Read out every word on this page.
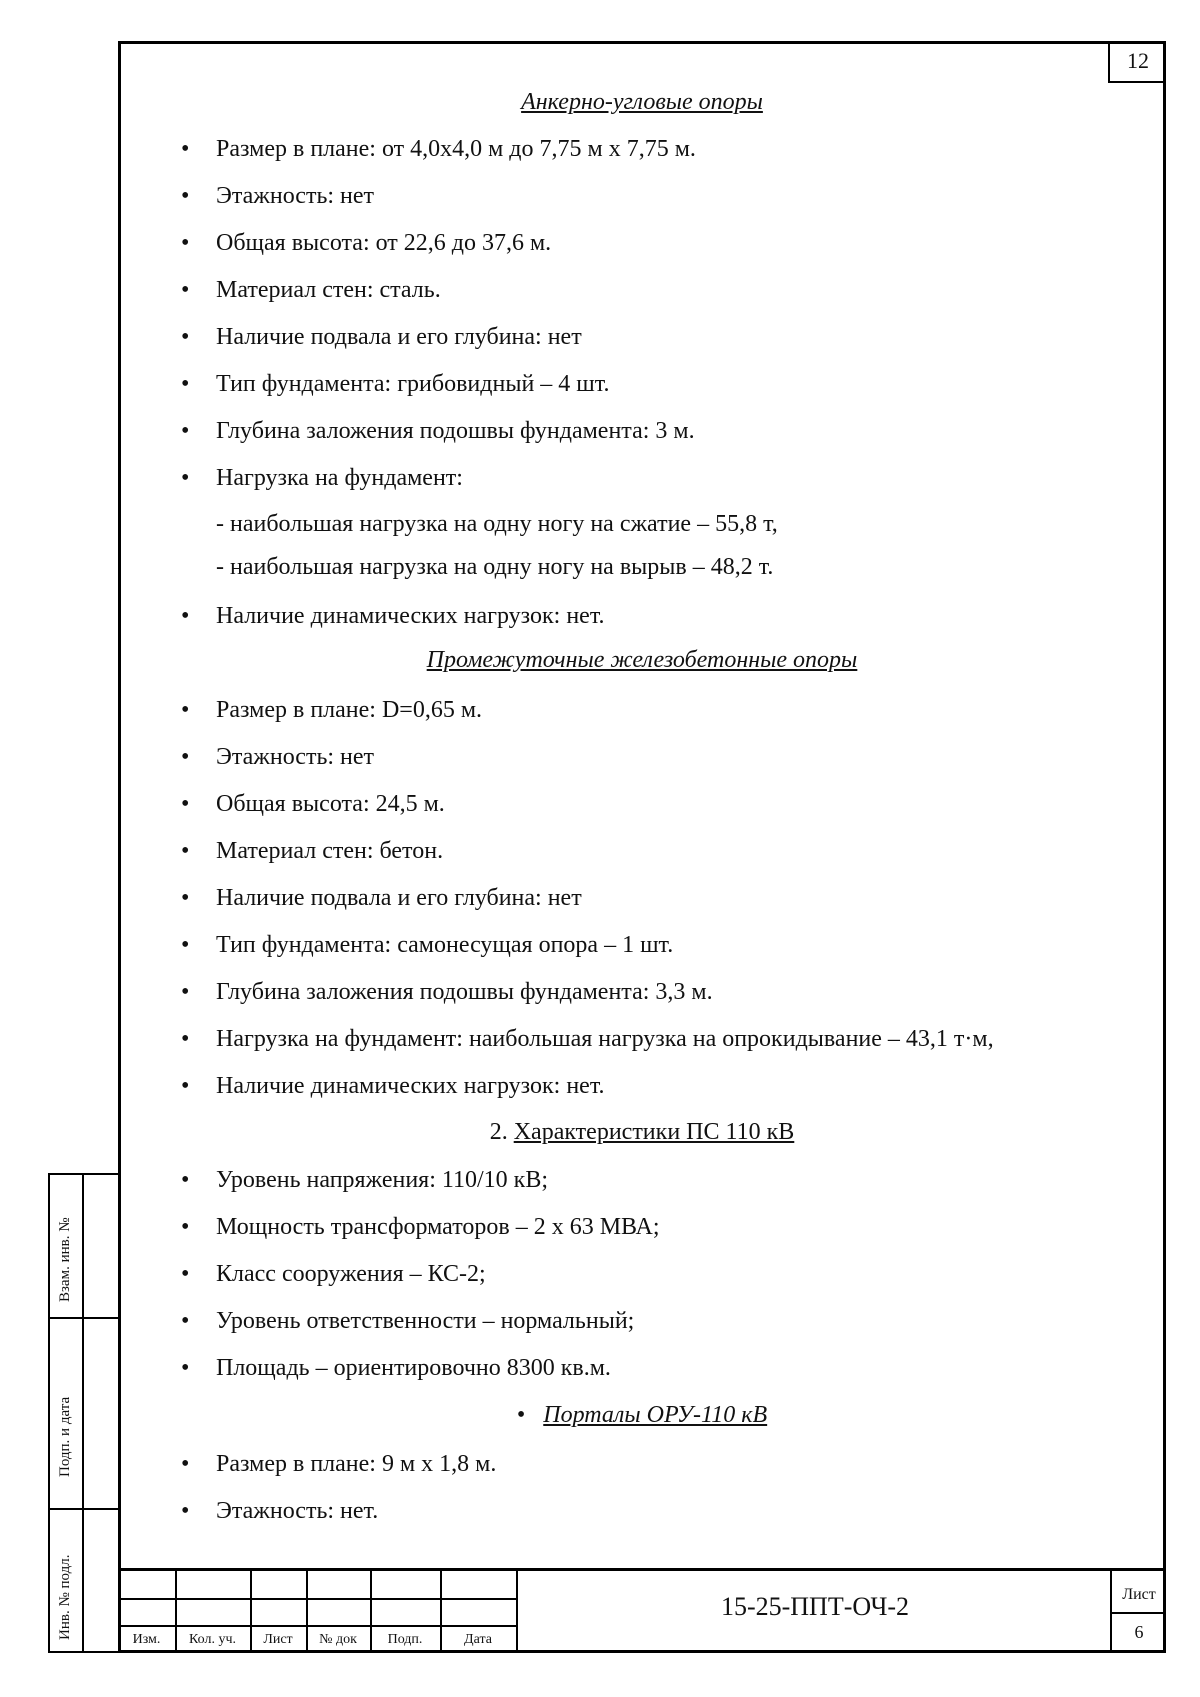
12
Анкерно-угловые опоры
• Размер в плане: от 4,0х4,0 м до 7,75 м х 7,75 м.
• Этажность: нет
• Общая высота: от 22,6 до 37,6 м.
• Материал стен: сталь.
• Наличие подвала и его глубина: нет
• Тип фундамента: грибовидный – 4 шт.
• Глубина заложения подошвы фундамента: 3 м.
• Нагрузка на фундамент:
- наибольшая нагрузка на одну ногу на сжатие – 55,8 т,
- наибольшая нагрузка на одну ногу на вырыв – 48,2 т.
• Наличие динамических нагрузок: нет.
Промежуточные железобетонные опоры
• Размер в плане: D=0,65 м.
• Этажность: нет
• Общая высота: 24,5 м.
• Материал стен: бетон.
• Наличие подвала и его глубина: нет
• Тип фундамента: самонесущая опора – 1 шт.
• Глубина заложения подошвы фундамента: 3,3 м.
• Нагрузка на фундамент: наибольшая нагрузка на опрокидывание – 43,1 т·м,
• Наличие динамических нагрузок: нет.
2. Характеристики ПС 110 кВ
• Уровень напряжения: 110/10 кВ;
• Мощность трансформаторов – 2 х 63 МВА;
• Класс сооружения – КС-2;
• Уровень ответственности – нормальный;
• Площадь – ориентировочно 8300 кв.м.
•   Порталы ОРУ-110 кВ
• Размер в плане: 9 м х 1,8 м.
• Этажность: нет.
Взам. инв. №
Подп. и дата
Инв. № подл.	Изм.	Кол. уч.	Лист	№ док	Подп.	Дата
15-25-ППТ-ОЧ-2	Лист
6
